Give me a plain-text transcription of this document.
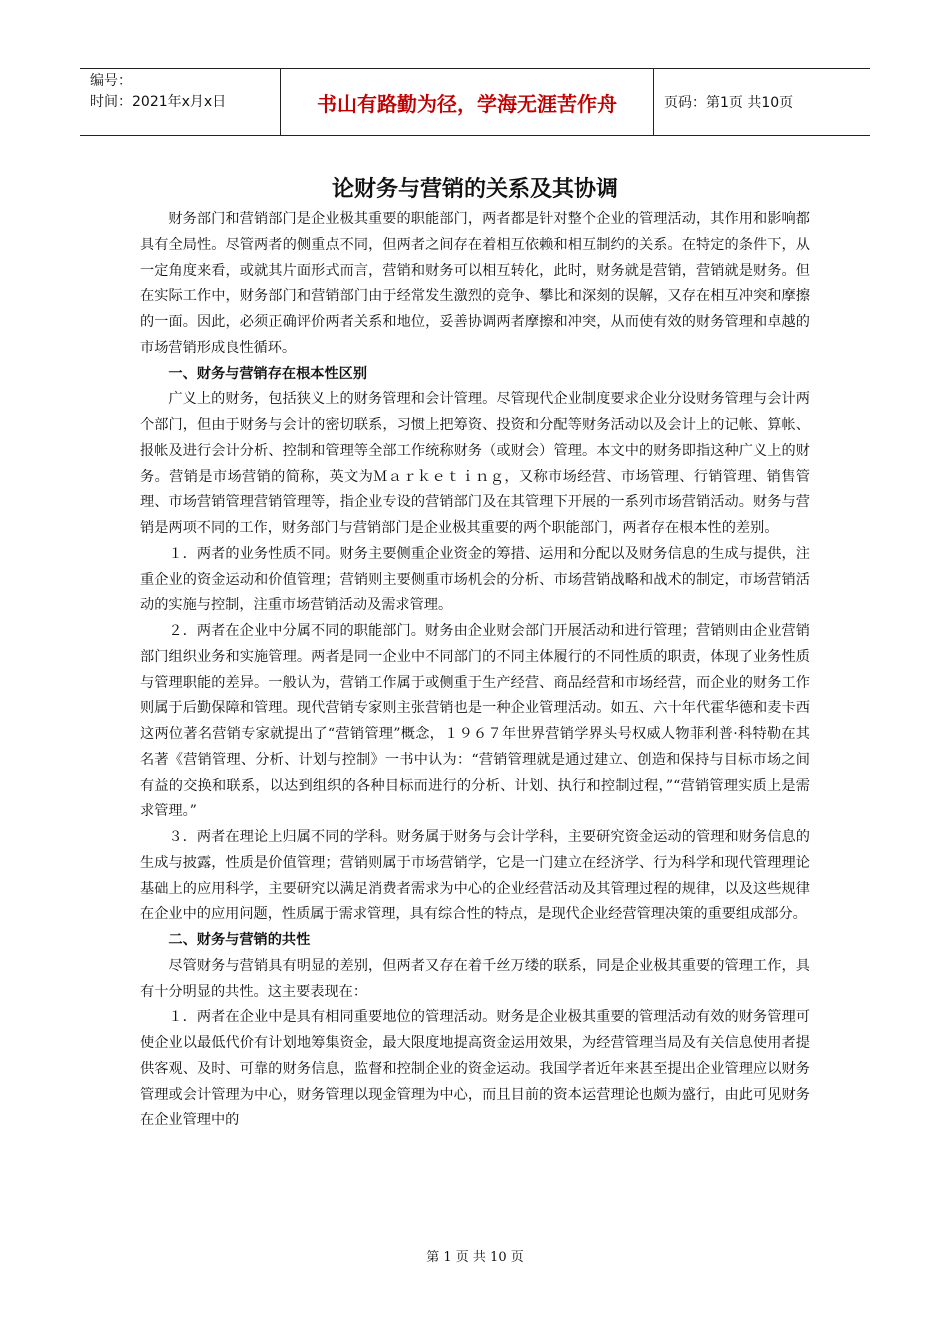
编号：
时间：2021年x月x日	书山有路勤为径，学海无涯苦作舟	页码：第1页 共10页
论财务与营销的关系及其协调

财务部门和营销部门是企业极其重要的职能部门，两者都是针对整个企业的管理活动，其作用和影响都具有全局性。尽管两者的侧重点不同，但两者之间存在着相互依赖和相互制约的关系。在特定的条件下，从一定角度来看，或就其片面形式而言，营销和财务可以相互转化，此时，财务就是营销，营销就是财务。但在实际工作中，财务部门和营销部门由于经常发生激烈的竞争、攀比和深刻的误解，又存在相互冲突和摩擦的一面。因此，必须正确评价两者关系和地位，妥善协调两者摩擦和冲突，从而使有效的财务管理和卓越的市场营销形成良性循环。

一、财务与营销存在根本性区别

广义上的财务，包括狭义上的财务管理和会计管理。尽管现代企业制度要求企业分设财务管理与会计两个部门，但由于财务与会计的密切联系，习惯上把筹资、投资和分配等财务活动以及会计上的记帐、算帐、报帐及进行会计分析、控制和管理等全部工作统称财务（或财会）管理。本文中的财务即指这种广义上的财务。营销是市场营销的简称，英文为Ｍａｒｋｅｔｉｎｇ，又称市场经营、市场管理、行销管理、销售管理、市场营销管理营销管理等，指企业专设的营销部门及在其管理下开展的一系列市场营销活动。财务与营销是两项不同的工作，财务部门与营销部门是企业极其重要的两个职能部门，两者存在根本性的差别。

１．两者的业务性质不同。财务主要侧重企业资金的筹措、运用和分配以及财务信息的生成与提供，注重企业的资金运动和价值管理；营销则主要侧重市场机会的分析、市场营销战略和战术的制定，市场营销活动的实施与控制，注重市场营销活动及需求管理。

２．两者在企业中分属不同的职能部门。财务由企业财会部门开展活动和进行管理；营销则由企业营销部门组织业务和实施管理。两者是同一企业中不同部门的不同主体履行的不同性质的职责，体现了业务性质与管理职能的差异。一般认为，营销工作属于或侧重于生产经营、商品经营和市场经营，而企业的财务工作则属于后勤保障和管理。现代营销专家则主张营销也是一种企业管理活动。如五、六十年代霍华德和麦卡西这两位著名营销专家就提出了“营销管理”概念，１９６７年世界营销学界头号权威人物菲利普·科特勒在其名著《营销管理、分析、计划与控制》一书中认为：“营销管理就是通过建立、创造和保持与目标市场之间有益的交换和联系，以达到组织的各种目标而进行的分析、计划、执行和控制过程，”“营销管理实质上是需求管理。”

３．两者在理论上归属不同的学科。财务属于财务与会计学科，主要研究资金运动的管理和财务信息的生成与披露，性质是价值管理；营销则属于市场营销学，它是一门建立在经济学、行为科学和现代管理理论基础上的应用科学，主要研究以满足消费者需求为中心的企业经营活动及其管理过程的规律，以及这些规律在企业中的应用问题，性质属于需求管理，具有综合性的特点，是现代企业经营管理决策的重要组成部分。

二、财务与营销的共性

尽管财务与营销具有明显的差别，但两者又存在着千丝万缕的联系，同是企业极其重要的管理工作，具有十分明显的共性。这主要表现在：

１．两者在企业中是具有相同重要地位的管理活动。财务是企业极其重要的管理活动有效的财务管理可使企业以最低代价有计划地筹集资金，最大限度地提高资金运用效果，为经营管理当局及有关信息使用者提供客观、及时、可靠的财务信息，监督和控制企业的资金运动。我国学者近年来甚至提出企业管理应以财务管理或会计管理为中心，财务管理以现金管理为中心，而且目前的资本运营理论也颇为盛行，由此可见财务在企业管理中的

第 1 页 共 10 页
